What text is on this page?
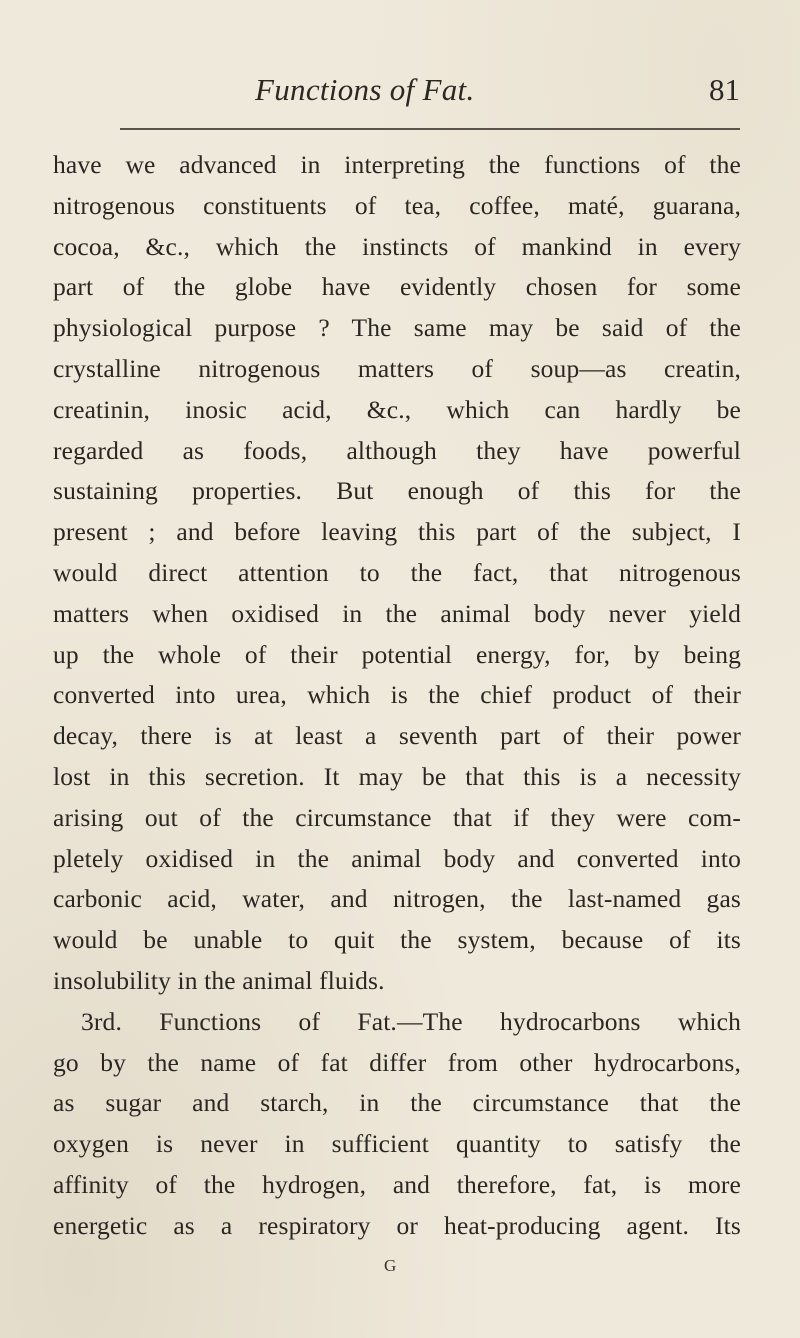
Functions of Fat.	81
have we advanced in interpreting the functions of the
nitrogenous constituents of tea, coffee, maté, guarana,
cocoa, &c., which the instincts of mankind in every
part of the globe have evidently chosen for some
physiological purpose ? The same may be said of the
crystalline nitrogenous matters of soup—as creatin,
creatinin, inosic acid, &c., which can hardly be
regarded as foods, although they have powerful
sustaining properties. But enough of this for the
present ; and before leaving this part of the subject, I
would direct attention to the fact, that nitrogenous
matters when oxidised in the animal body never yield
up the whole of their potential energy, for, by being
converted into urea, which is the chief product of their
decay, there is at least a seventh part of their power
lost in this secretion. It may be that this is a necessity
arising out of the circumstance that if they were com-
pletely oxidised in the animal body and converted into
carbonic acid, water, and nitrogen, the last-named gas
would be unable to quit the system, because of its
insolubility in the animal fluids.
3rd. Functions of Fat.—The hydrocarbons which
go by the name of fat differ from other hydrocarbons,
as sugar and starch, in the circumstance that the
oxygen is never in sufficient quantity to satisfy the
affinity of the hydrogen, and therefore, fat, is more
energetic as a respiratory or heat-producing agent. Its
G
